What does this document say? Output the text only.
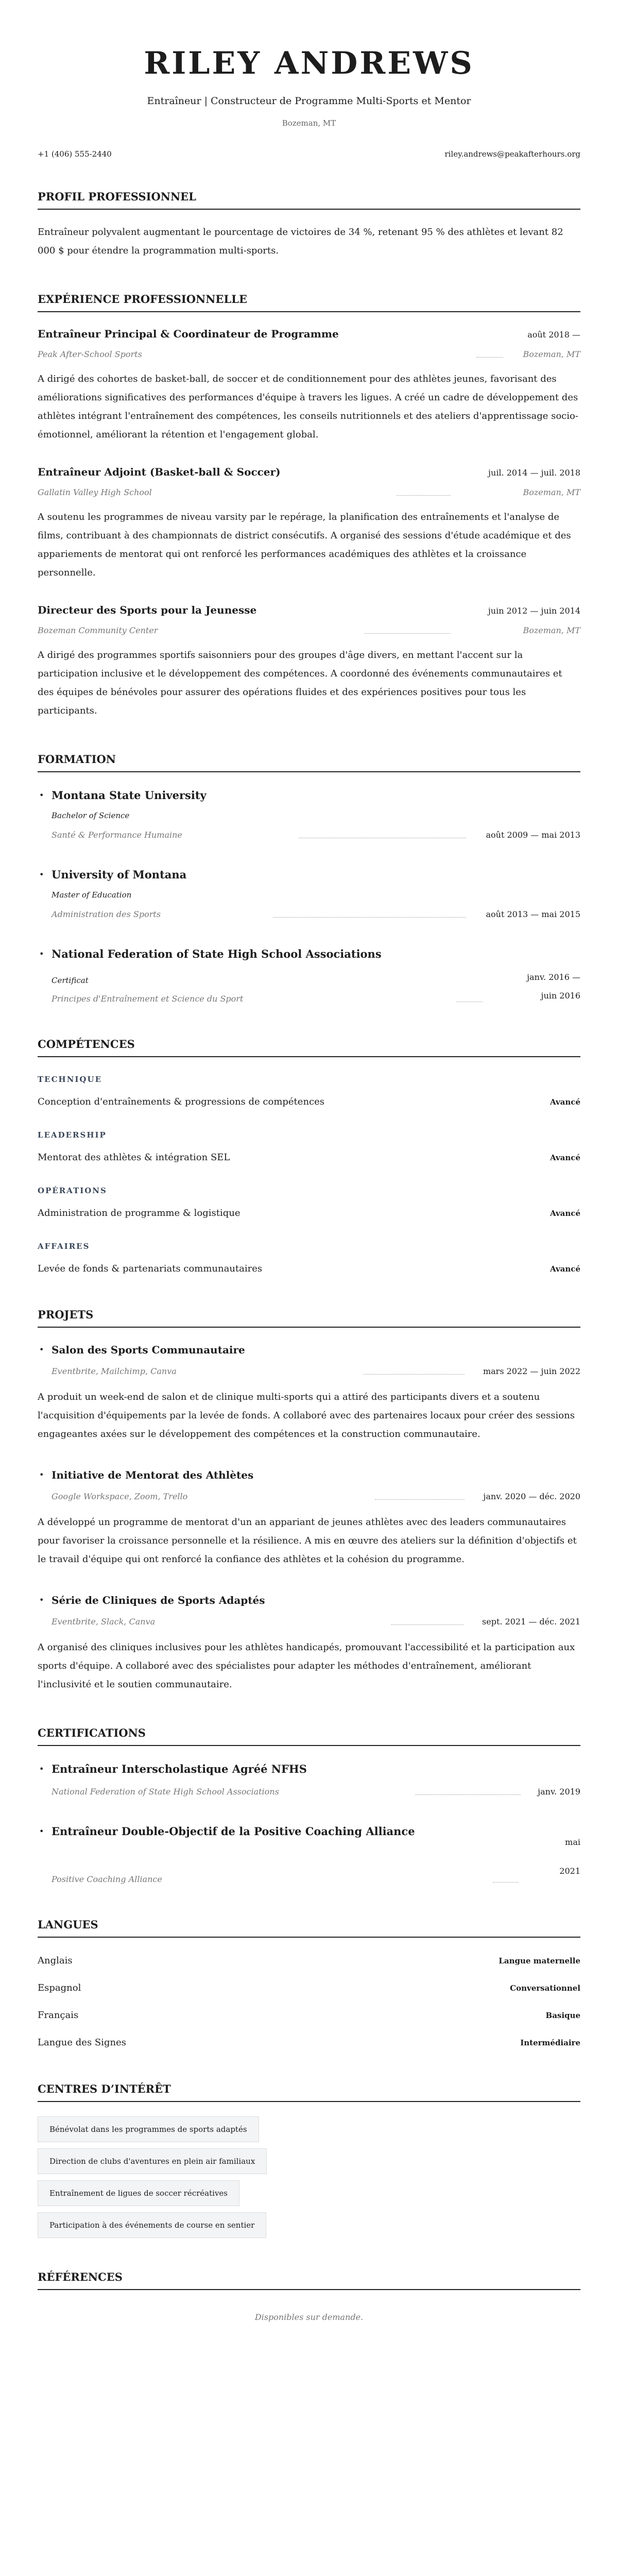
RILEY ANDREWS
Entraîneur | Constructeur de Programme Multi-Sports et Mentor
Bozeman, MT
+1 (406) 555-2440	riley.andrews@peakafterhours.org
PROFIL PROFESSIONNEL

Entraîneur polyvalent augmentant le pourcentage de victoires de 34 %, retenant 95 % des athlètes et levant 82 000 $ pour étendre la programmation multi-sports.

EXPÉRIENCE PROFESSIONNELLE
Entraîneur Principal & Coordinateur de Programme	août 2018 —
Peak After-School Sports	Bozeman, MT

A dirigé des cohortes de basket-ball, de soccer et de conditionnement pour des athlètes jeunes, favorisant des améliorations significatives des performances d'équipe à travers les ligues. A créé un cadre de développement des athlètes intégrant l'entraînement des compétences, les conseils nutritionnels et des ateliers d'apprentissage socio-émotionnel, améliorant la rétention et l'engagement global.

Entraîneur Adjoint (Basket-ball & Soccer)	juil. 2014 — juil. 2018
Gallatin Valley High School	Bozeman, MT

A soutenu les programmes de niveau varsity par le repérage, la planification des entraînements et l'analyse de films, contribuant à des championnats de district consécutifs. A organisé des sessions d'étude académique et des appariements de mentorat qui ont renforcé les performances académiques des athlètes et la croissance personnelle.

Directeur des Sports pour la Jeunesse	juin 2012 — juin 2014
Bozeman Community Center	Bozeman, MT

A dirigé des programmes sportifs saisonniers pour des groupes d'âge divers, en mettant l'accent sur la participation inclusive et le développement des compétences. A coordonné des événements communautaires et des équipes de bénévoles pour assurer des opérations fluides et des expériences positives pour tous les participants.

FORMATION
• Montana State University
Bachelor of Science
Santé & Performance Humaine	août 2009 — mai 2013
• University of Montana
Master of Education
Administration des Sports	août 2013 — mai 2015
• National Federation of State High School Associations
Certificat
Principes d'Entraînement et Science du Sport
janv. 2016 — juin 2016
COMPÉTENCES
TECHNIQUE
Conception d'entraînements & progressions de compétences	Avancé
LEADERSHIP
Mentorat des athlètes & intégration SEL	Avancé
OPÉRATIONS
Administration de programme & logistique	Avancé
AFFAIRES
Levée de fonds & partenariats communautaires	Avancé
PROJETS
• Salon des Sports Communautaire
Eventbrite, Mailchimp, Canva	mars 2022 — juin 2022

A produit un week-end de salon et de clinique multi-sports qui a attiré des participants divers et a soutenu l'acquisition d'équipements par la levée de fonds. A collaboré avec des partenaires locaux pour créer des sessions engageantes axées sur le développement des compétences et la construction communautaire.

• Initiative de Mentorat des Athlètes
Google Workspace, Zoom, Trello	janv. 2020 — déc. 2020

A développé un programme de mentorat d'un an appariant de jeunes athlètes avec des leaders communautaires pour favoriser la croissance personnelle et la résilience. A mis en œuvre des ateliers sur la définition d'objectifs et le travail d'équipe qui ont renforcé la confiance des athlètes et la cohésion du programme.

• Série de Cliniques de Sports Adaptés
Eventbrite, Slack, Canva	sept. 2021 — déc. 2021

A organisé des cliniques inclusives pour les athlètes handicapés, promouvant l'accessibilité et la participation aux sports d'équipe. A collaboré avec des spécialistes pour adapter les méthodes d'entraînement, améliorant l'inclusivité et le soutien communautaire.

CERTIFICATIONS
• Entraîneur Interscholastique Agréé NFHS
National Federation of State High School Associations	janv. 2019
• Entraîneur Double-Objectif de la Positive Coaching Alliance
Positive Coaching Alliance
mai 2021
LANGUES
Anglais	Langue maternelle
Espagnol	Conversationnel
Français	Basique
Langue des Signes	Intermédiaire
CENTRES D’INTÉRÊT
Bénévolat dans les programmes de sports adaptés
Direction de clubs d'aventures en plein air familiaux
Entraînement de ligues de soccer récréatives
Participation à des événements de course en sentier
RÉFÉRENCES

Disponibles sur demande.
